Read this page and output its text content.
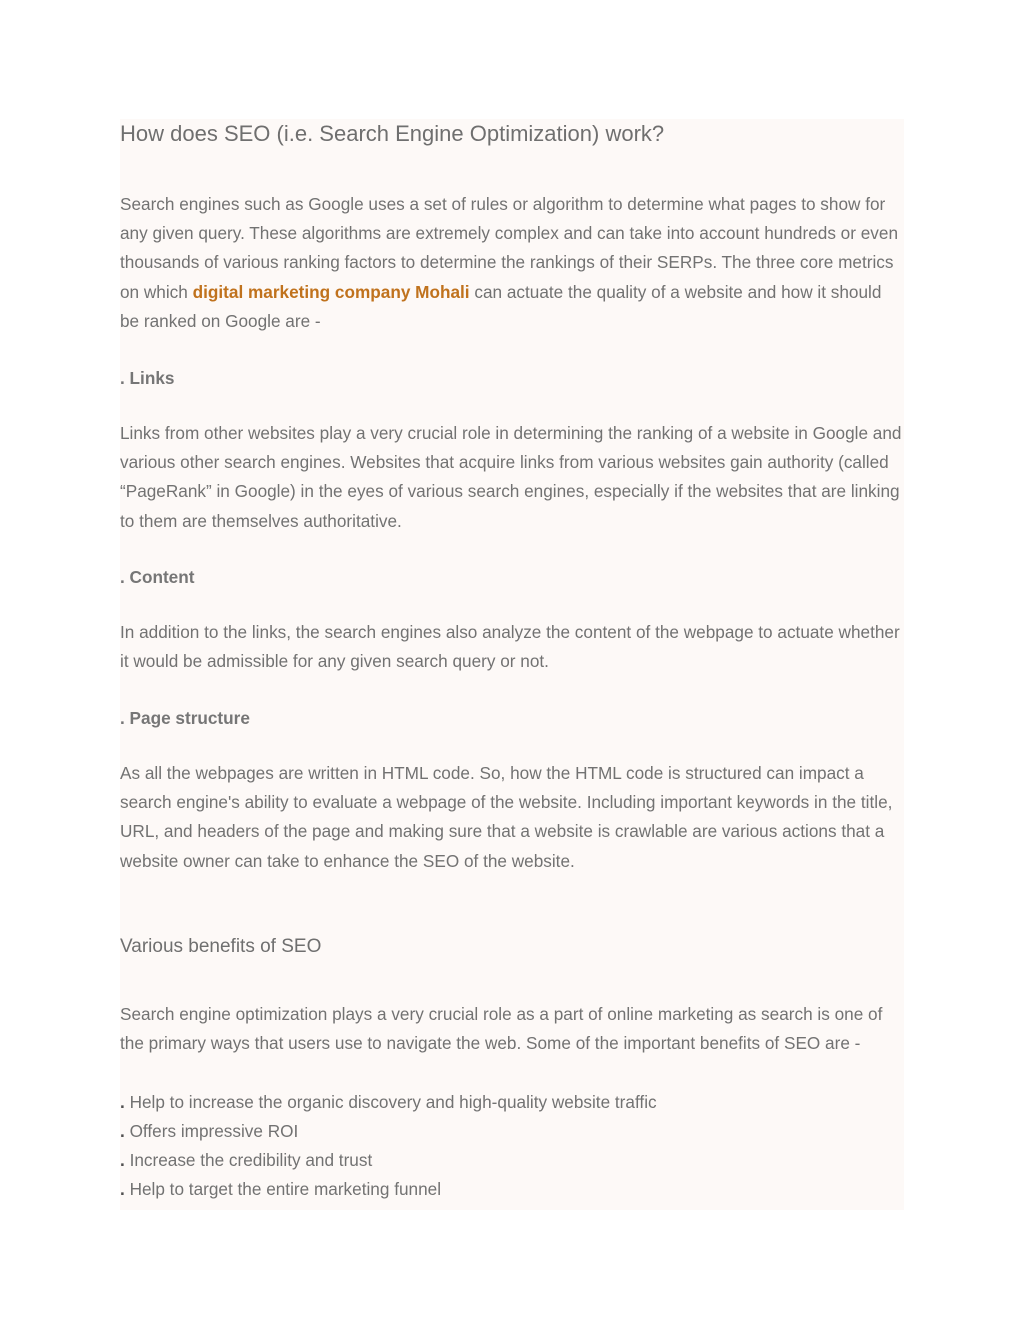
How does SEO (i.e. Search Engine Optimization) work?

Search engines such as Google uses a set of rules or algorithm to determine what pages to show for any given query. These algorithms are extremely complex and can take into account hundreds or even thousands of various ranking factors to determine the rankings of their SERPs. The three core metrics on which digital marketing company Mohali can actuate the quality of a website and how it should be ranked on Google are -

. Links

Links from other websites play a very crucial role in determining the ranking of a website in Google and various other search engines. Websites that acquire links from various websites gain authority (called “PageRank” in Google) in the eyes of various search engines, especially if the websites that are linking to them are themselves authoritative.

. Content

In addition to the links, the search engines also analyze the content of the webpage to actuate whether it would be admissible for any given search query or not.

. Page structure

As all the webpages are written in HTML code. So, how the HTML code is structured can impact a search engine's ability to evaluate a webpage of the website. Including important keywords in the title, URL, and headers of the page and making sure that a website is crawlable are various actions that a website owner can take to enhance the SEO of the website.

Various benefits of SEO

Search engine optimization plays a very crucial role as a part of online marketing as search is one of the primary ways that users use to navigate the web. Some of the important benefits of SEO are -

. Help to increase the organic discovery and high-quality website traffic
. Offers impressive ROI
. Increase the credibility and trust
. Help to target the entire marketing funnel
